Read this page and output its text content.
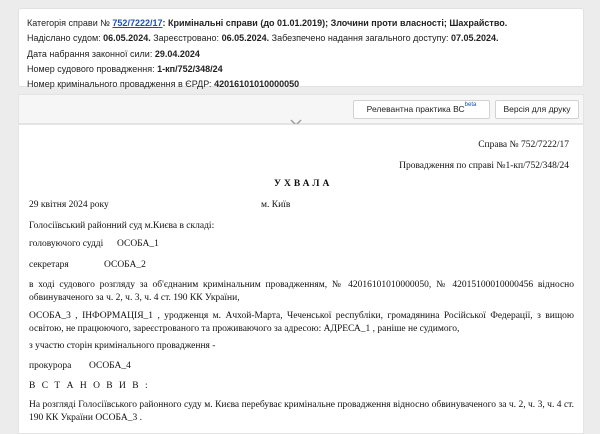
Категорія справи № 752/7222/17: Кримінальні справи (до 01.01.2019); Злочини проти власності; Шахрайство.
Надіслано судом: 06.05.2024. Зареєстровано: 06.05.2024. Забезпечено надання загального доступу: 07.05.2024.
Дата набрання законної сили: 29.04.2024
Номер судового провадження: 1-кп/752/348/24
Номер кримінального провадження в ЄРДР: 42016101010000050
Релевантна практика $ВС^{beta}$	Версія для друку
Справа № 752/7222/17
Провадження по справі №1-кп/752/348/24
УХВАЛА
29 квітня 2024 року	м. Київ
Голосіївський районний суд м.Києва в складі:
головуючого судді ОСОБА_1
секретаря	ОСОБА_2
в ході судового розгляду за об'єднаним кримінальним провадженням, № 42016101010000050, № 42015100010000456 відносно обвинуваченого за ч. 2, ч. 3, ч. 4 ст. 190 КК України,
ОСОБА_3 , ІНФОРМАЦІЯ_1 , уродженця м. Ачхой-Марта, Чеченської республіки, громадянина Російської Федерації, з вищою освітою, не працюючого, зареєстрованого та проживаючого за адресою: АДРЕСА_1 , раніше не судимого,
з участю сторін кримінального провадження -
прокурора ОСОБА_4
В С Т А Н О В И В :
На розгляді Голосіївського районного суду м. Києва перебуває кримінальне провадження відносно обвинуваченого за ч. 2, ч. 3, ч. 4 ст. 190 КК України ОСОБА_3 .
